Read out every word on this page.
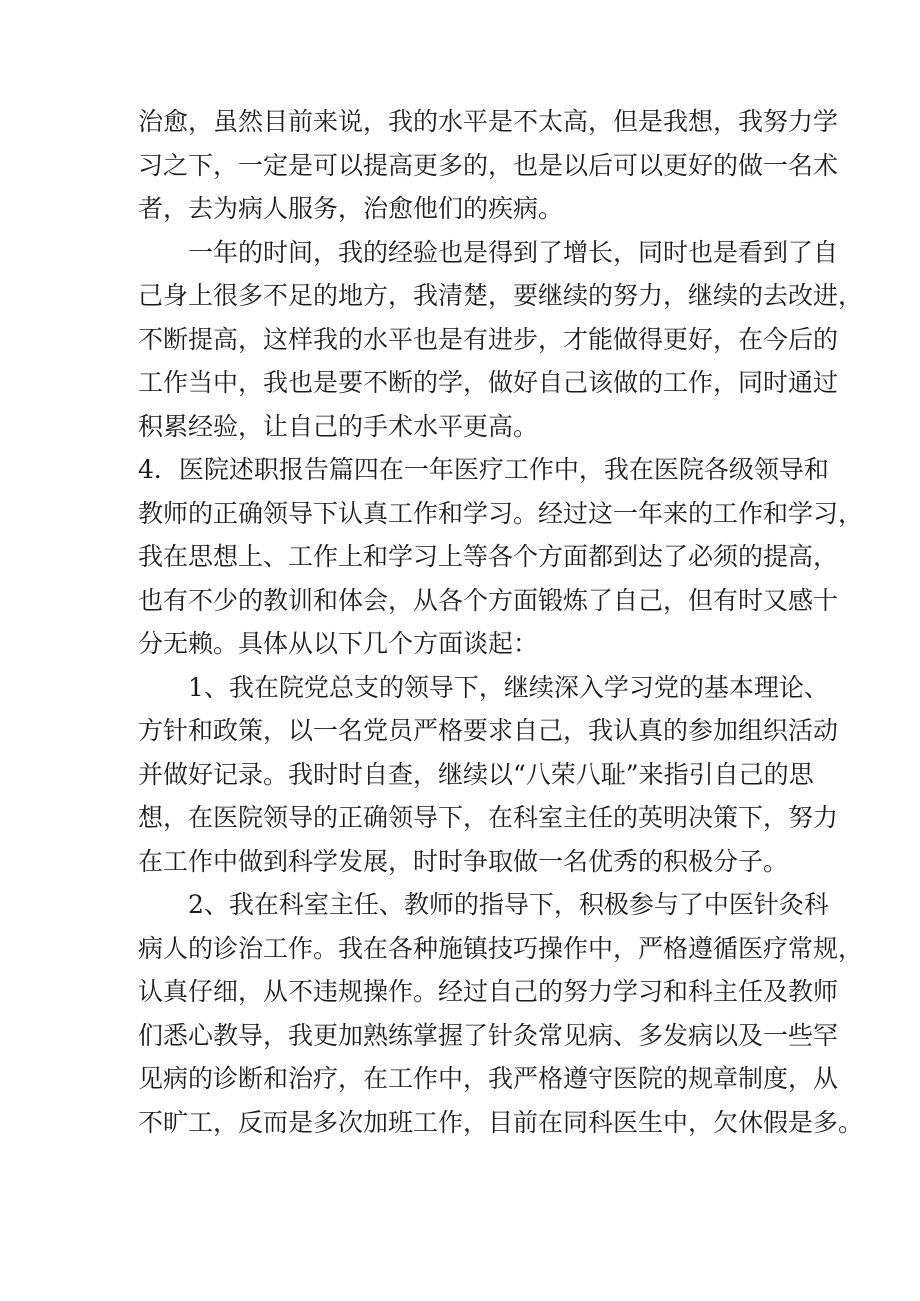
治愈，虽然目前来说，我的水平是不太高，但是我想，我努力学

习之下，一定是可以提高更多的，也是以后可以更好的做一名术

者，去为病人服务，治愈他们的疾病。

一年的时间，我的经验也是得到了增长，同时也是看到了自

己身上很多不足的地方，我清楚，要继续的努力，继续的去改进，

不断提高，这样我的水平也是有进步，才能做得更好，在今后的

工作当中，我也是要不断的学，做好自己该做的工作，同时通过

积累经验，让自己的手术水平更高。

4．医院述职报告篇四在一年医疗工作中，我在医院各级领导和

教师的正确领导下认真工作和学习。经过这一年来的工作和学习，

我在思想上、工作上和学习上等各个方面都到达了必须的提高，

也有不少的教训和体会，从各个方面锻炼了自己，但有时又感十

分无赖。具体从以下几个方面谈起：

1、我在院党总支的领导下，继续深入学习党的基本理论、

方针和政策，以一名党员严格要求自己，我认真的参加组织活动

并做好记录。我时时自查，继续以“八荣八耻”来指引自己的思

想，在医院领导的正确领导下，在科室主任的英明决策下，努力

在工作中做到科学发展，时时争取做一名优秀的积极分子。

2、我在科室主任、教师的指导下，积极参与了中医针灸科

病人的诊治工作。我在各种施镇技巧操作中，严格遵循医疗常规，

认真仔细，从不违规操作。经过自己的努力学习和科主任及教师

们悉心教导，我更加熟练掌握了针灸常见病、多发病以及一些罕

见病的诊断和治疗，在工作中，我严格遵守医院的规章制度，从

不旷工，反而是多次加班工作，目前在同科医生中，欠休假是多。
